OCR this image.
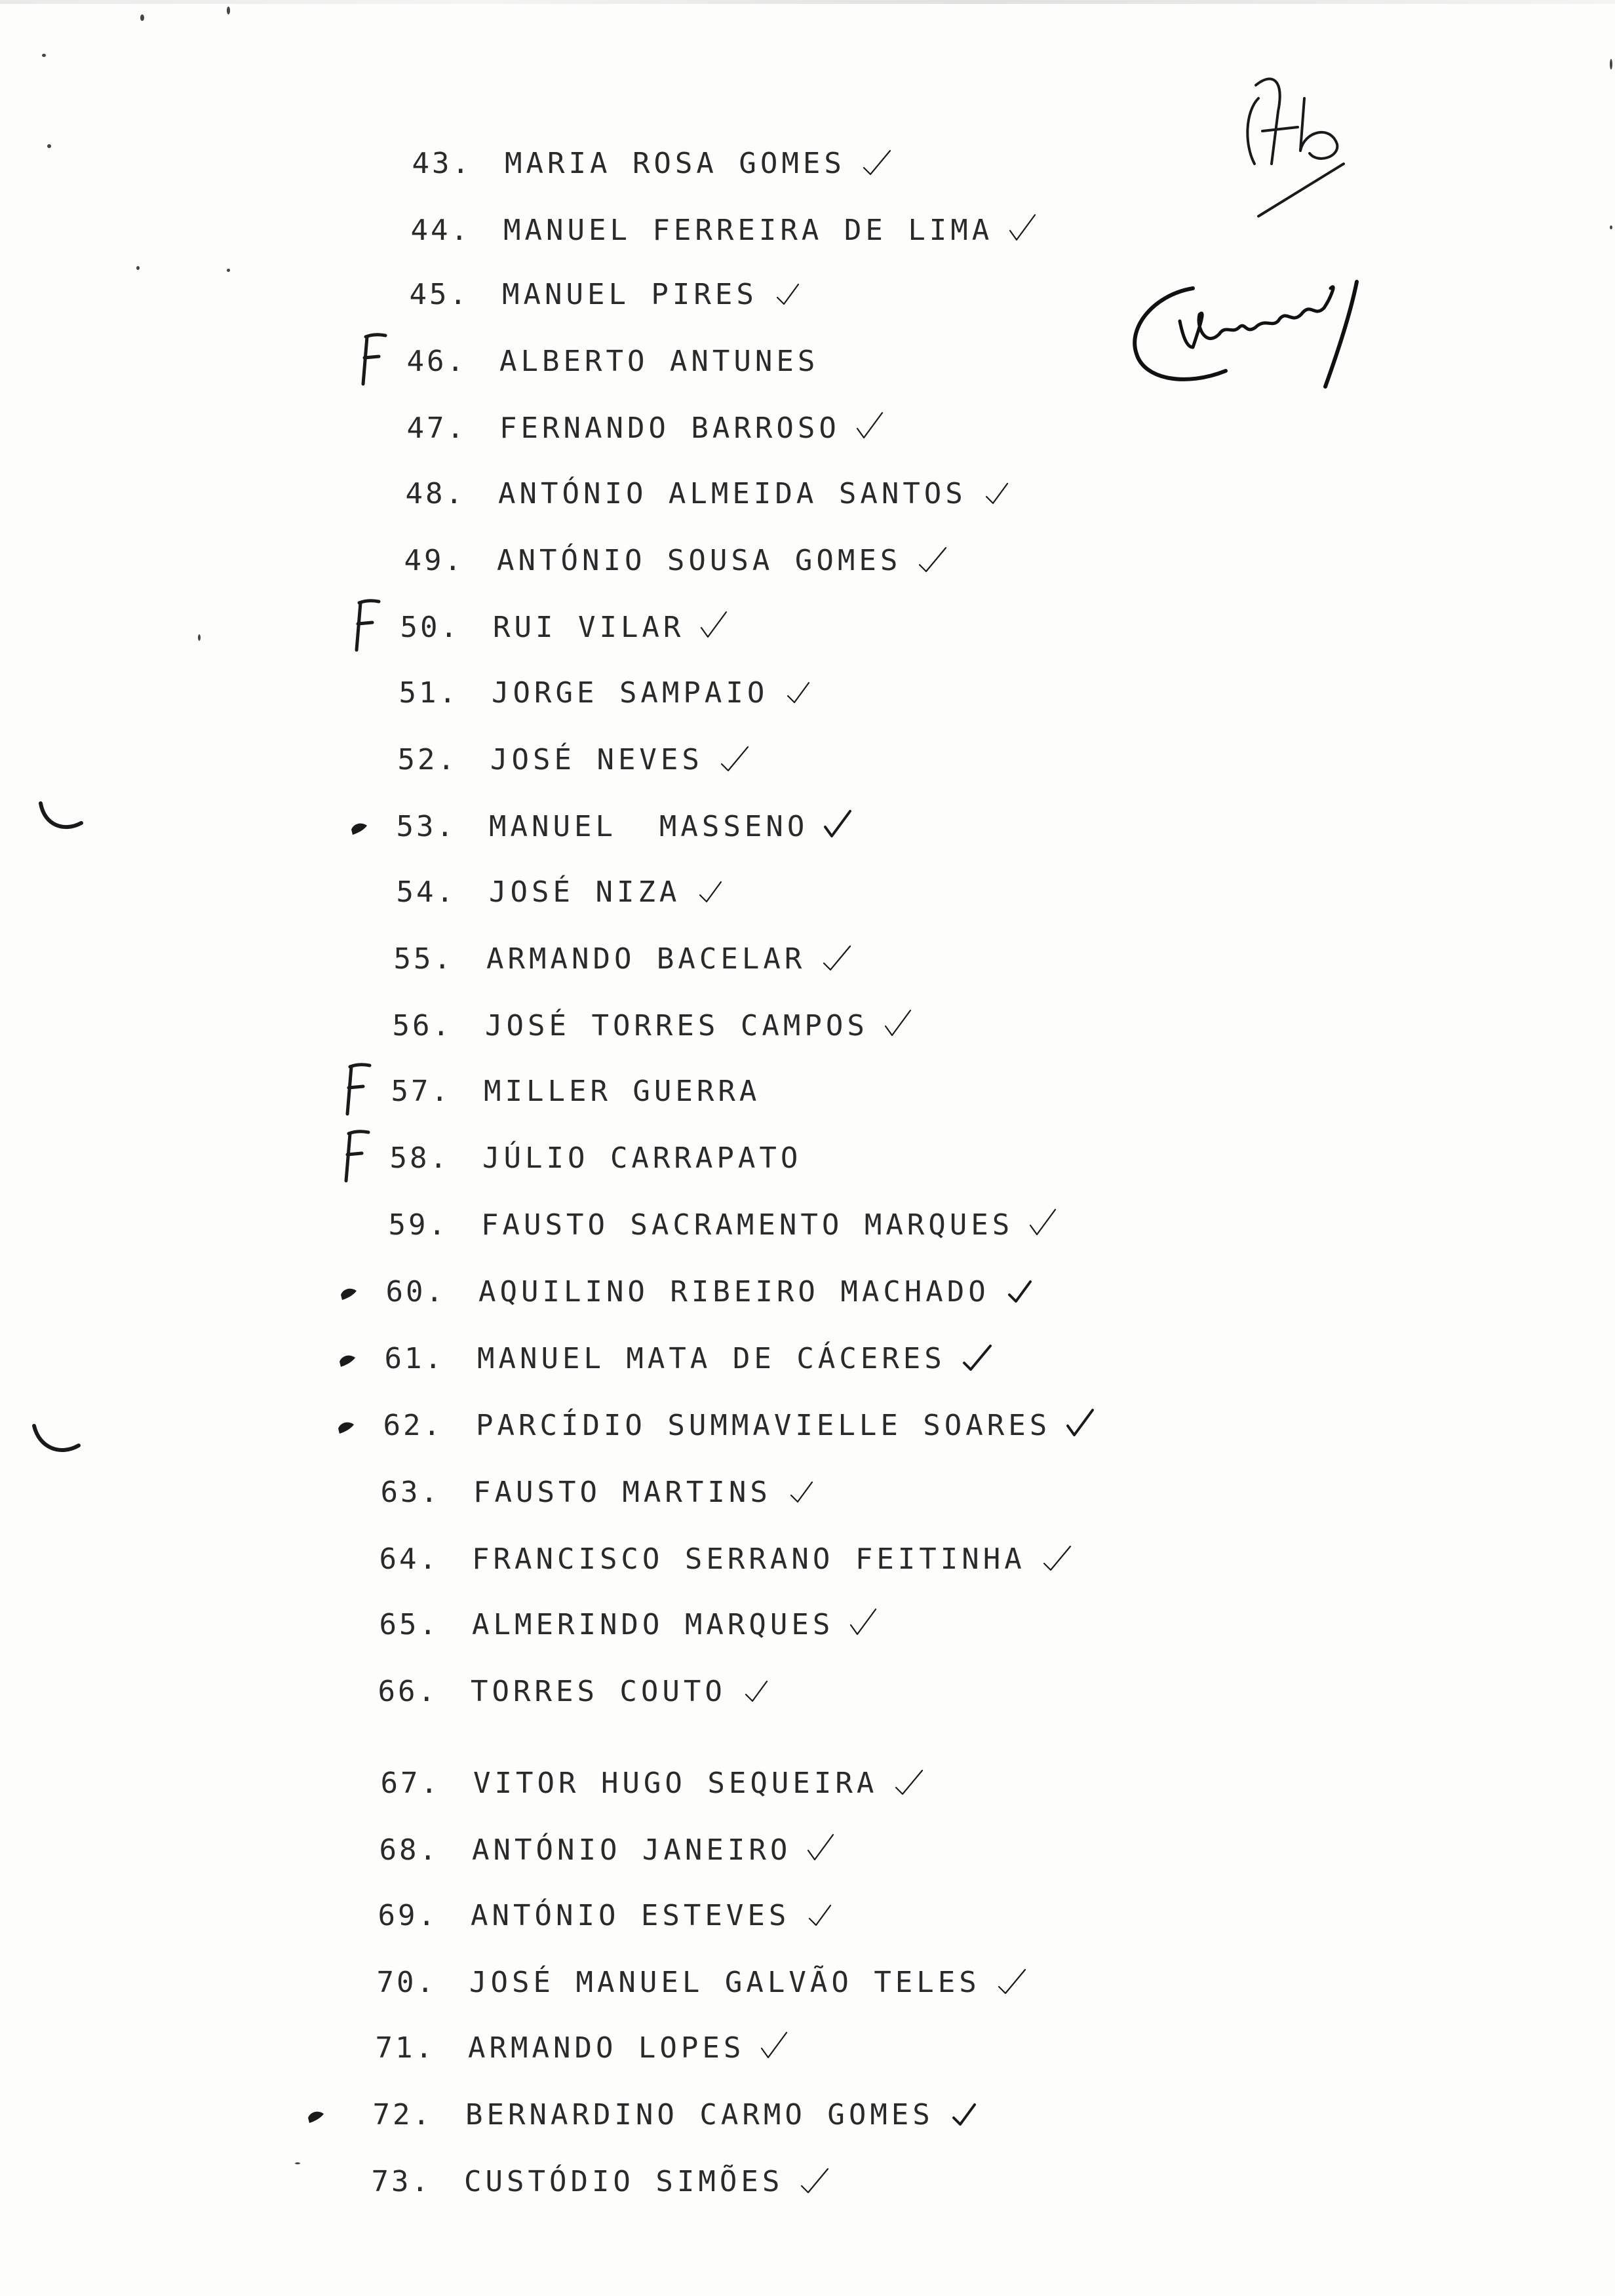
43. MARIA ROSA GOMES
44. MANUEL FERREIRA DE LIMA
45. MANUEL PIRES
46. ALBERTO ANTUNES
47. FERNANDO BARROSO
48. ANTÓNIO ALMEIDA SANTOS
49. ANTÓNIO SOUSA GOMES
50. RUI VILAR
51. JORGE SAMPAIO
52. JOSÉ NEVES
53. MANUEL  MASSENO
54. JOSÉ NIZA
55. ARMANDO BACELAR
56. JOSÉ TORRES CAMPOS
57. MILLER GUERRA
58. JÚLIO CARRAPATO
59. FAUSTO SACRAMENTO MARQUES
60. AQUILINO RIBEIRO MACHADO
61. MANUEL MATA DE CÁCERES
62. PARCÍDIO SUMMAVIELLE SOARES
63. FAUSTO MARTINS
64. FRANCISCO SERRANO FEITINHA
65. ALMERINDO MARQUES
66. TORRES COUTO
67. VITOR HUGO SEQUEIRA
68. ANTÓNIO JANEIRO
69. ANTÓNIO ESTEVES
70. JOSÉ MANUEL GALVÃO TELES
71. ARMANDO LOPES
72. BERNARDINO CARMO GOMES
73. CUSTÓDIO SIMÕES
